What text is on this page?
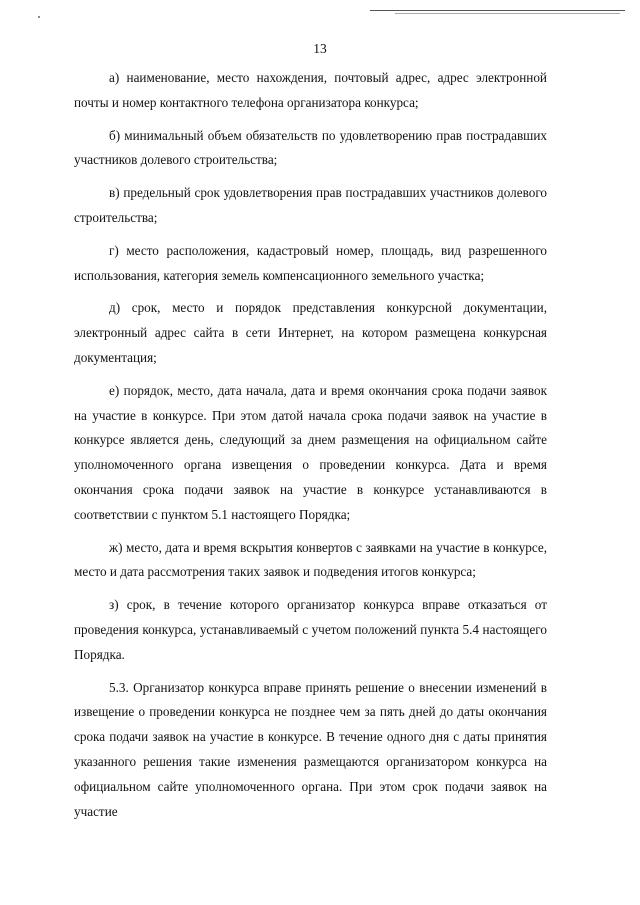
13

а) наименование, место нахождения, почтовый адрес, адрес электронной почты и номер контактного телефона организатора конкурса;

б) минимальный объем обязательств по удовлетворению прав пострадавших участников долевого строительства;

в) предельный срок удовлетворения прав пострадавших участников долевого строительства;

г) место расположения, кадастровый номер, площадь, вид разрешенного использования, категория земель компенсационного земельного участка;

д) срок, место и порядок представления конкурсной документации, электронный адрес сайта в сети Интернет, на котором размещена конкурсная документация;

е) порядок, место, дата начала, дата и время окончания срока подачи заявок на участие в конкурсе. При этом датой начала срока подачи заявок на участие в конкурсе является день, следующий за днем размещения на официальном сайте уполномоченного органа извещения о проведении конкурса. Дата и время окончания срока подачи заявок на участие в конкурсе устанавливаются в соответствии с пунктом 5.1 настоящего Порядка;

ж) место, дата и время вскрытия конвертов с заявками на участие в конкурсе, место и дата рассмотрения таких заявок и подведения итогов конкурса;

з) срок, в течение которого организатор конкурса вправе отказаться от проведения конкурса, устанавливаемый с учетом положений пункта 5.4 настоящего Порядка.

5.3. Организатор конкурса вправе принять решение о внесении изменений в извещение о проведении конкурса не позднее чем за пять дней до даты окончания срока подачи заявок на участие в конкурсе. В течение одного дня с даты принятия указанного решения такие изменения размещаются организатором конкурса на официальном сайте уполномоченного органа. При этом срок подачи заявок на участие
